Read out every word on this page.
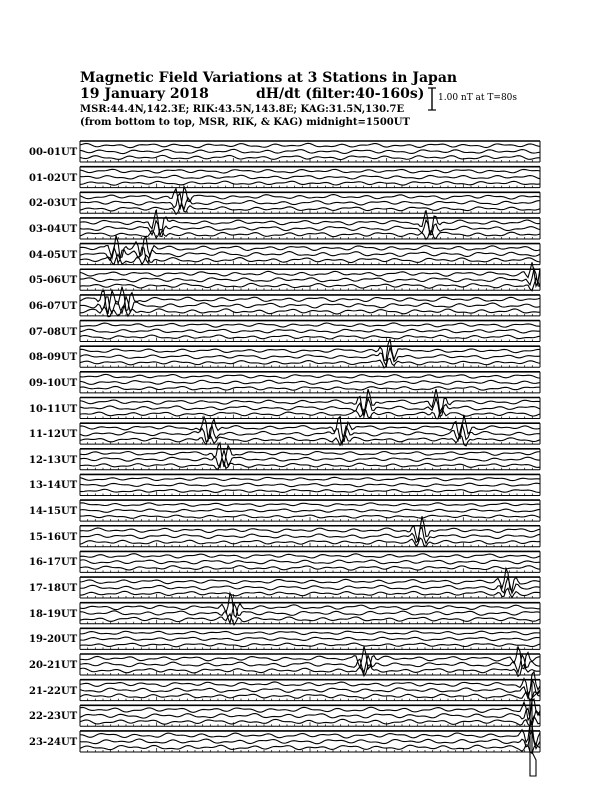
Magnetic Field Variations at 3 Stations in Japan
19 January 2018	dH/dt (filter:40-160s)
MSR:44.4N,142.3E; RIK:43.5N,143.8E; KAG:31.5N,130.7E
(from bottom to top, MSR, RIK, & KAG) midnight=1500UT
1.00 nT at T=80s
00-01UT
01-02UT
02-03UT
03-04UT
04-05UT
05-06UT
06-07UT
07-08UT
08-09UT
09-10UT
10-11UT
11-12UT
12-13UT
13-14UT
14-15UT
15-16UT
16-17UT
17-18UT
18-19UT
19-20UT
20-21UT
21-22UT
22-23UT
23-24UT
